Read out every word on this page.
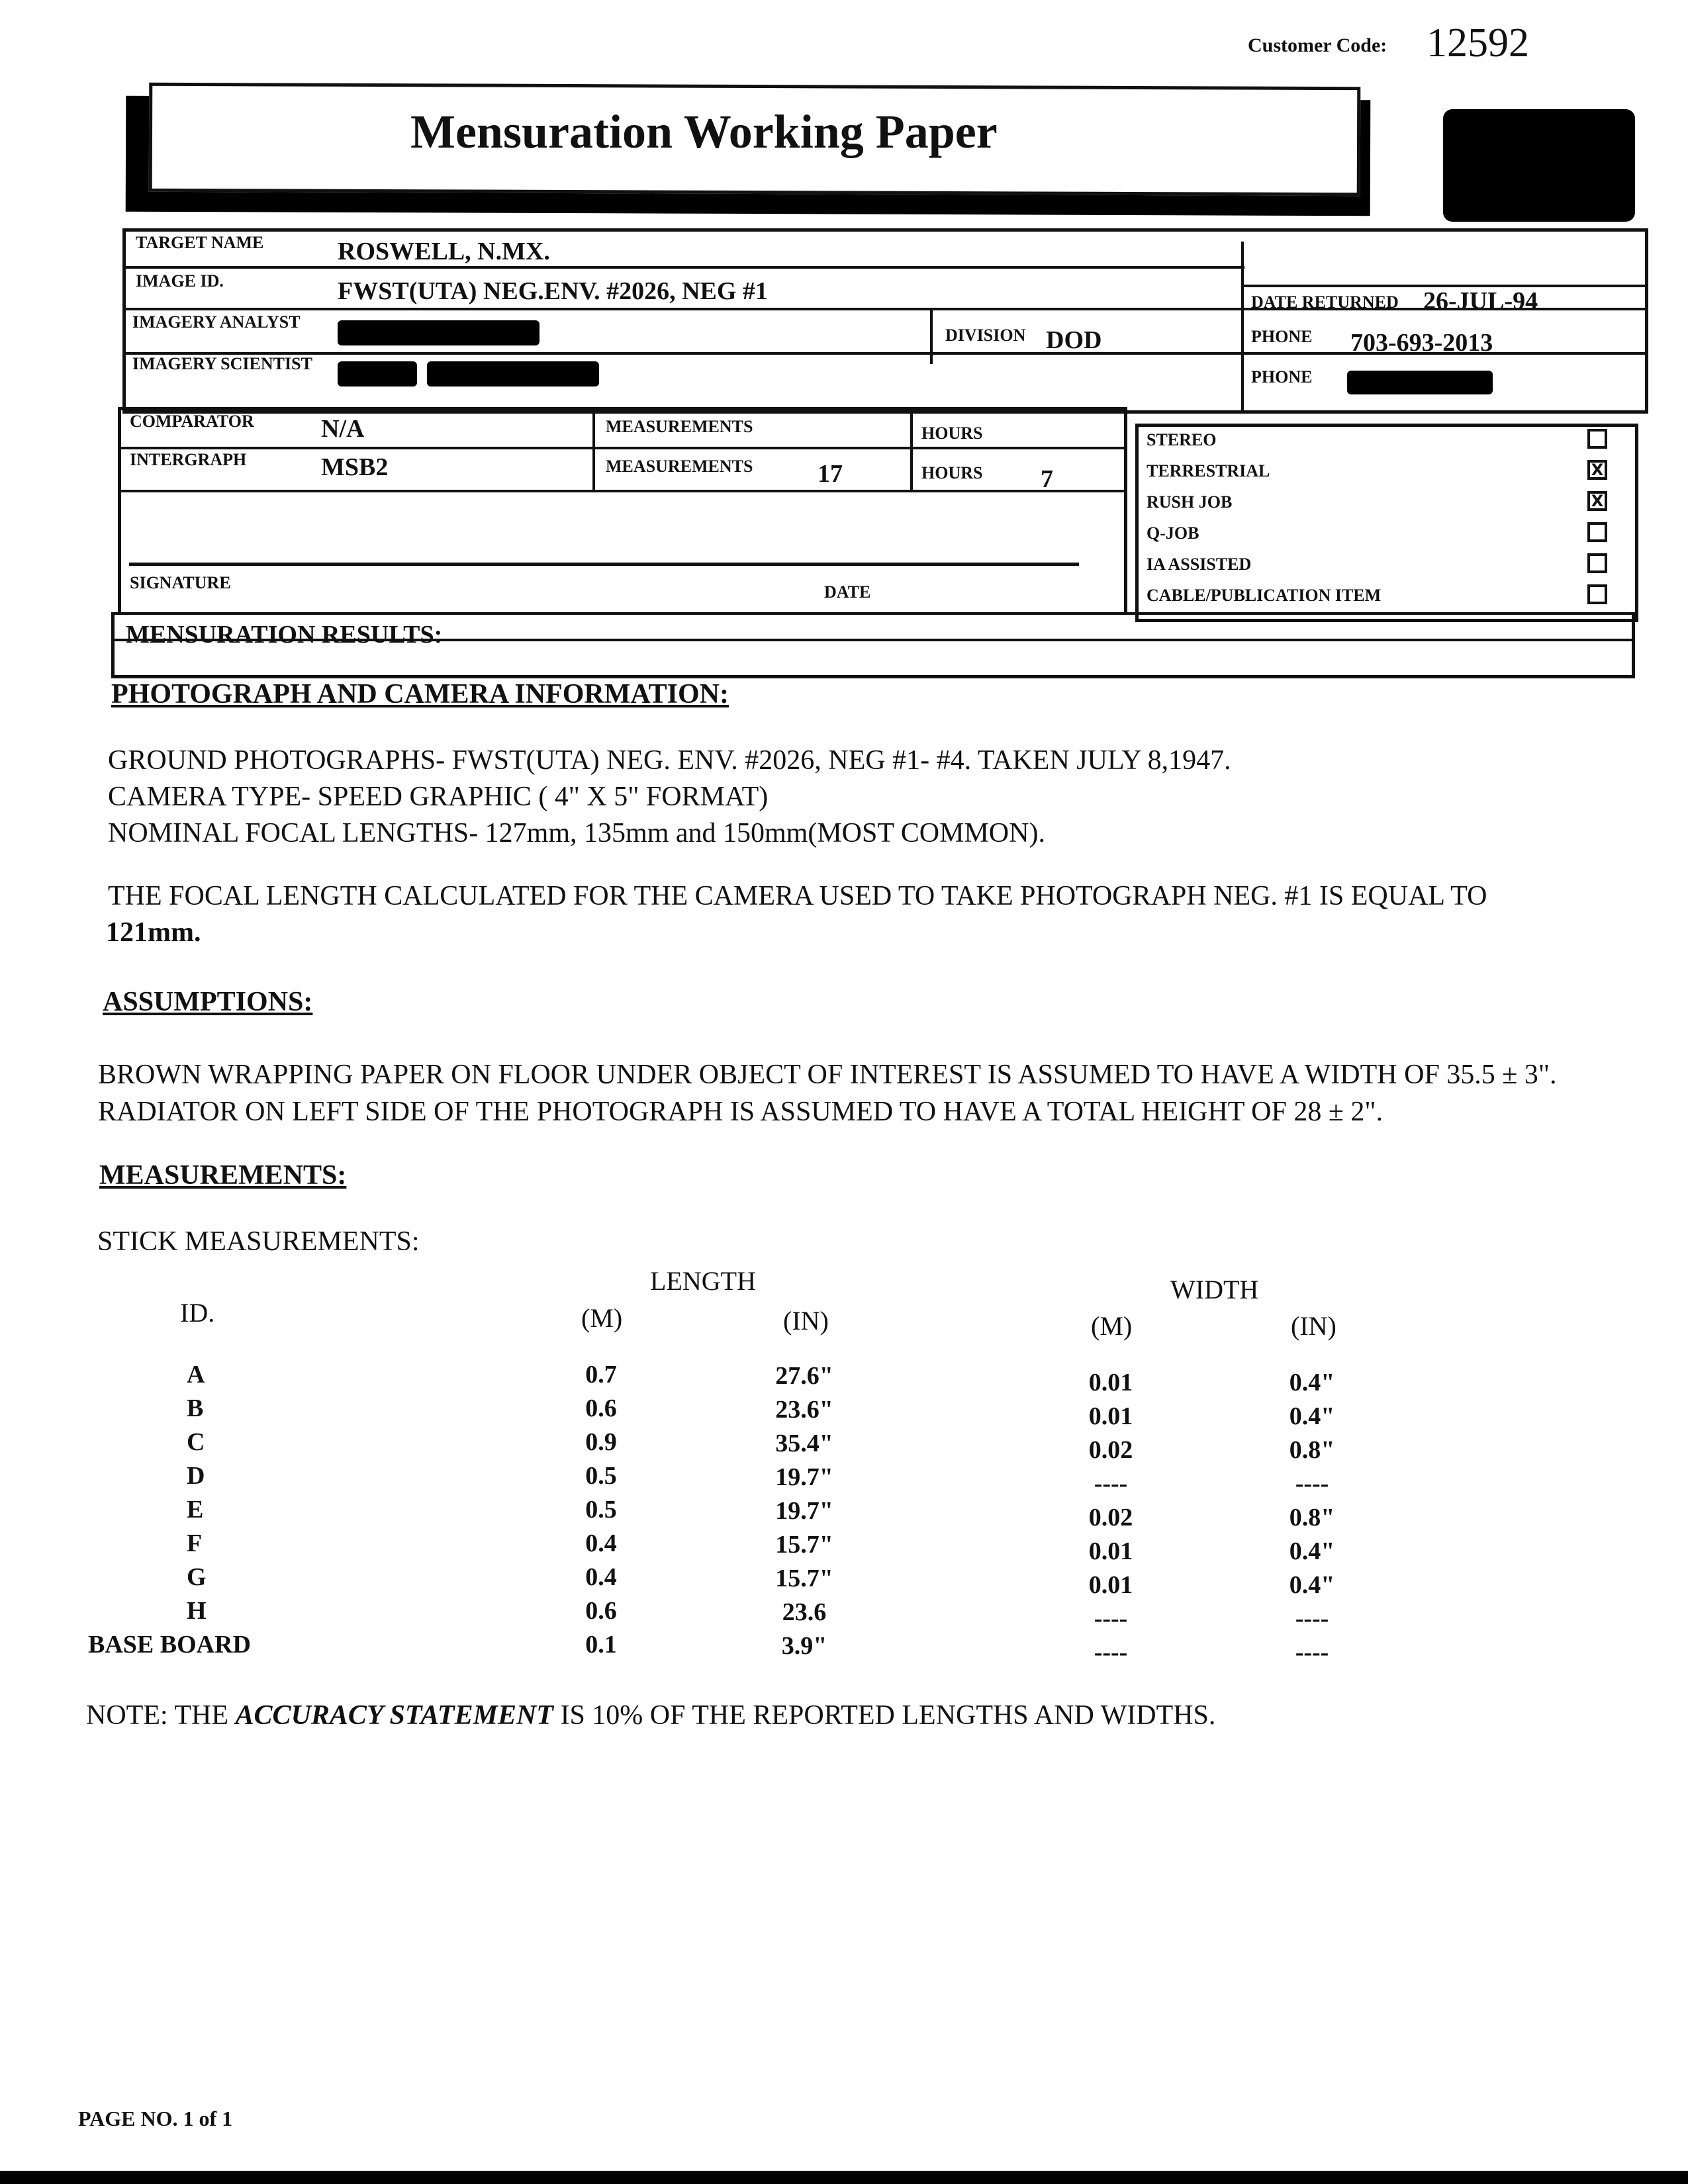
Customer Code: 12592
Mensuration Working Paper
TARGET NAME	ROSWELL, N.MX.
IMAGE ID.	FWST(UTA) NEG.ENV. #2026, NEG #1
IMAGERY ANALYST
IMAGERY SCIENTIST
DIVISION DOD
DATE RETURNED 26-JUL-94
PHONE 703-693-2013
PHONE
COMPARATOR	N/A	MEASUREMENTS	HOURS
INTERGRAPH	MSB2	MEASUREMENTS	17	HOURS 7
SIGNATURE	DATE
STEREO
TERRESTRIAL	X
RUSH JOB	X
Q-JOB
IA ASSISTED
CABLE/PUBLICATION ITEM
MENSURATION RESULTS:
PHOTOGRAPH AND CAMERA INFORMATION:
GROUND PHOTOGRAPHS- FWST(UTA) NEG. ENV. #2026, NEG #1- #4. TAKEN JULY 8,1947.
CAMERA TYPE- SPEED GRAPHIC ( 4" X 5" FORMAT)
NOMINAL FOCAL LENGTHS- 127mm, 135mm and 150mm(MOST COMMON).
THE FOCAL LENGTH CALCULATED FOR THE CAMERA USED TO TAKE PHOTOGRAPH NEG. #1 IS EQUAL TO
121mm.
ASSUMPTIONS:
BROWN WRAPPING PAPER ON FLOOR UNDER OBJECT OF INTEREST IS ASSUMED TO HAVE A WIDTH OF 35.5 ± 3".
RADIATOR ON LEFT SIDE OF THE PHOTOGRAPH IS ASSUMED TO HAVE A TOTAL HEIGHT OF 28 ± 2".
MEASUREMENTS:
STICK MEASUREMENTS:
LENGTH	WIDTH
ID.	(M)	(IN)	(M)	(IN)
A	0.7	27.6"	0.01	0.4"
B	0.6	23.6"	0.01	0.4"
C	0.9	35.4"	0.02	0.8"
D	0.5	19.7"	----	----
E	0.5	19.7"	0.02	0.8"
F	0.4	15.7"	0.01	0.4"
G	0.4	15.7"	0.01	0.4"
H	0.6	23.6	----	----
BASE BOARD	0.1	3.9"	----	----
NOTE: THE ACCURACY STATEMENT IS 10% OF THE REPORTED LENGTHS AND WIDTHS.
PAGE NO. 1 of 1
